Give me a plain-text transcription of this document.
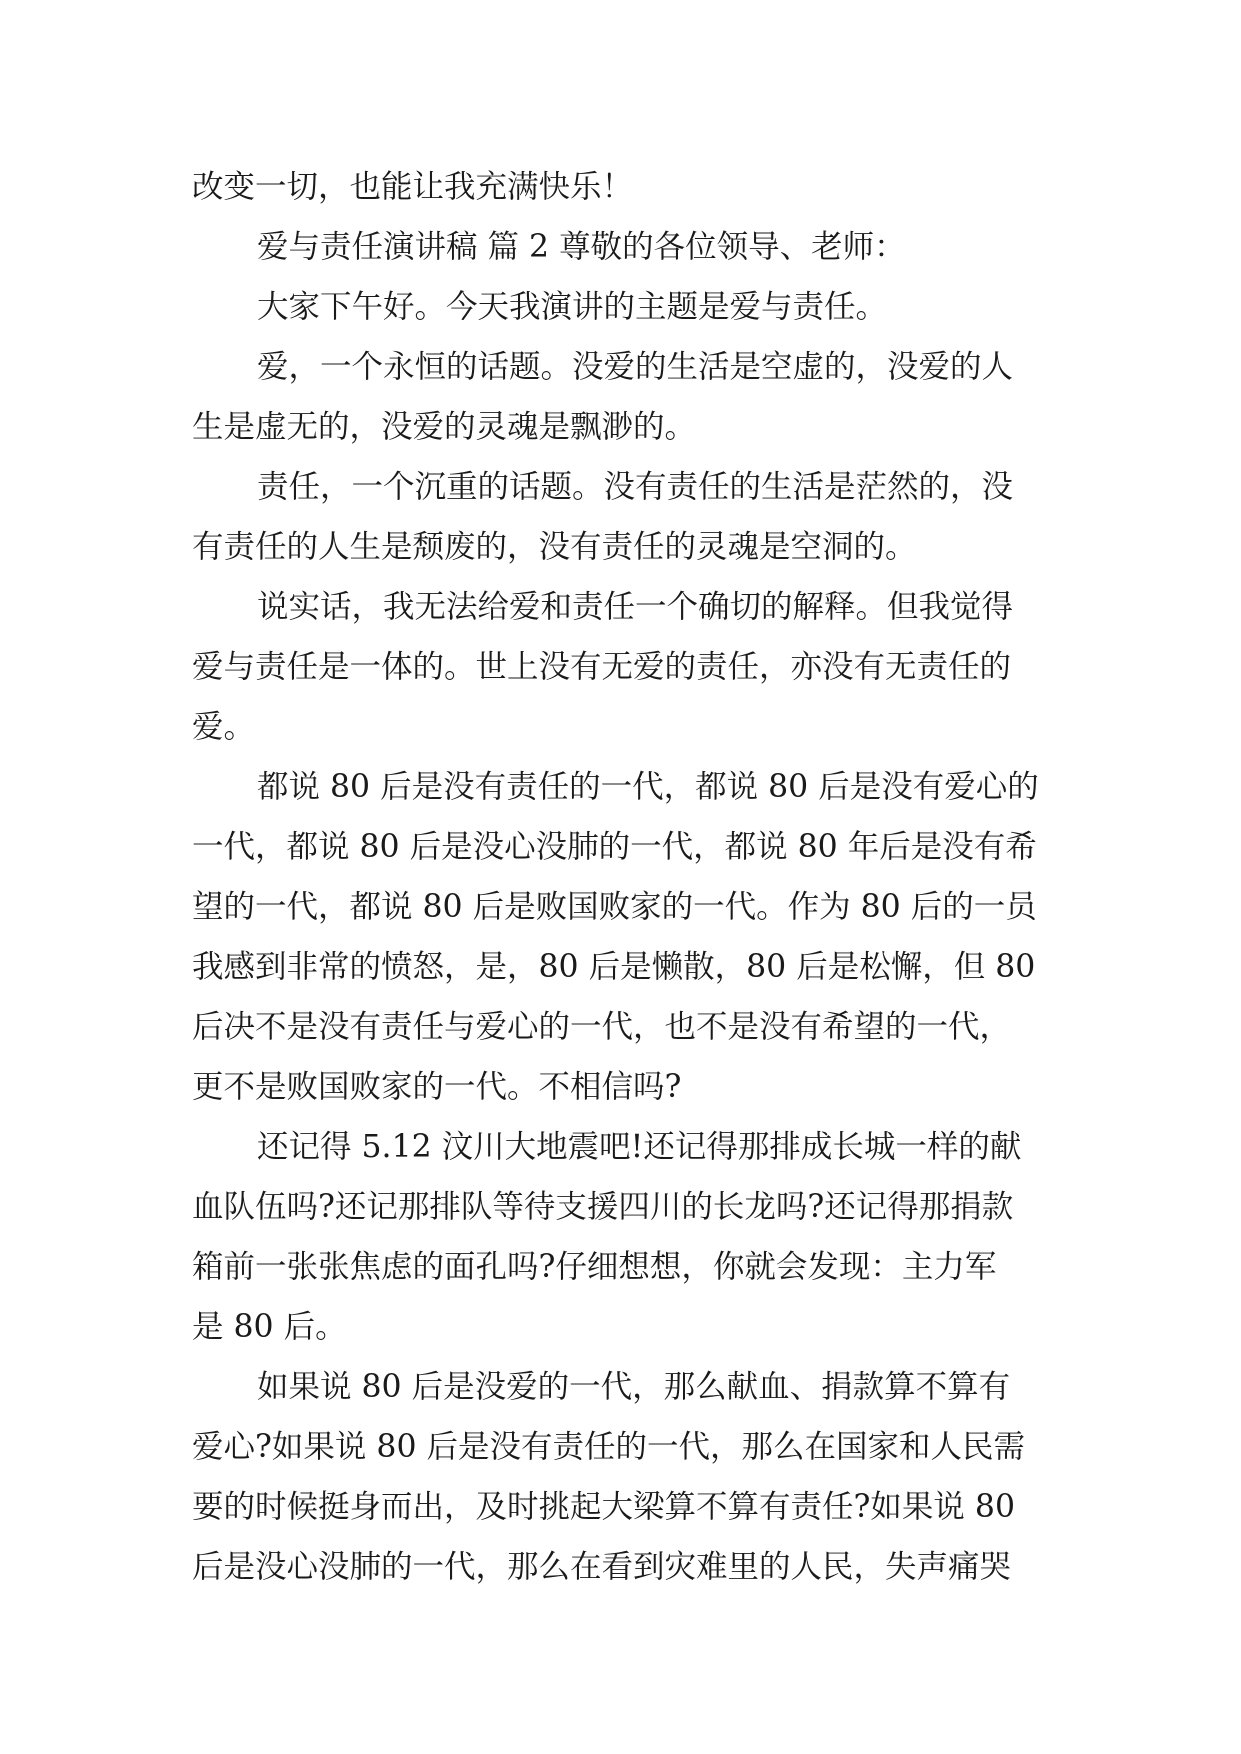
改变一切，也能让我充满快乐！
爱与责任演讲稿 篇 2 尊敬的各位领导、老师：
大家下午好。今天我演讲的主题是爱与责任。
爱，一个永恒的话题。没爱的生活是空虚的，没爱的人
生是虚无的，没爱的灵魂是飘渺的。
责任，一个沉重的话题。没有责任的生活是茫然的，没
有责任的人生是颓废的，没有责任的灵魂是空洞的。
说实话，我无法给爱和责任一个确切的解释。但我觉得
爱与责任是一体的。世上没有无爱的责任，亦没有无责任的
爱。
都说 80 后是没有责任的一代，都说 80 后是没有爱心的
一代，都说 80 后是没心没肺的一代，都说 80 年后是没有希
望的一代，都说 80 后是败国败家的一代。作为 80 后的一员
我感到非常的愤怒，是，80 后是懒散，80 后是松懈，但 80
后决不是没有责任与爱心的一代，也不是没有希望的一代，
更不是败国败家的一代。不相信吗?
还记得 5.12 汶川大地震吧!还记得那排成长城一样的献
血队伍吗?还记那排队等待支援四川的长龙吗?还记得那捐款
箱前一张张焦虑的面孔吗?仔细想想，你就会发现：主力军
是 80 后。
如果说 80 后是没爱的一代，那么献血、捐款算不算有
爱心?如果说 80 后是没有责任的一代，那么在国家和人民需
要的时候挺身而出，及时挑起大梁算不算有责任?如果说 80
后是没心没肺的一代，那么在看到灾难里的人民，失声痛哭
